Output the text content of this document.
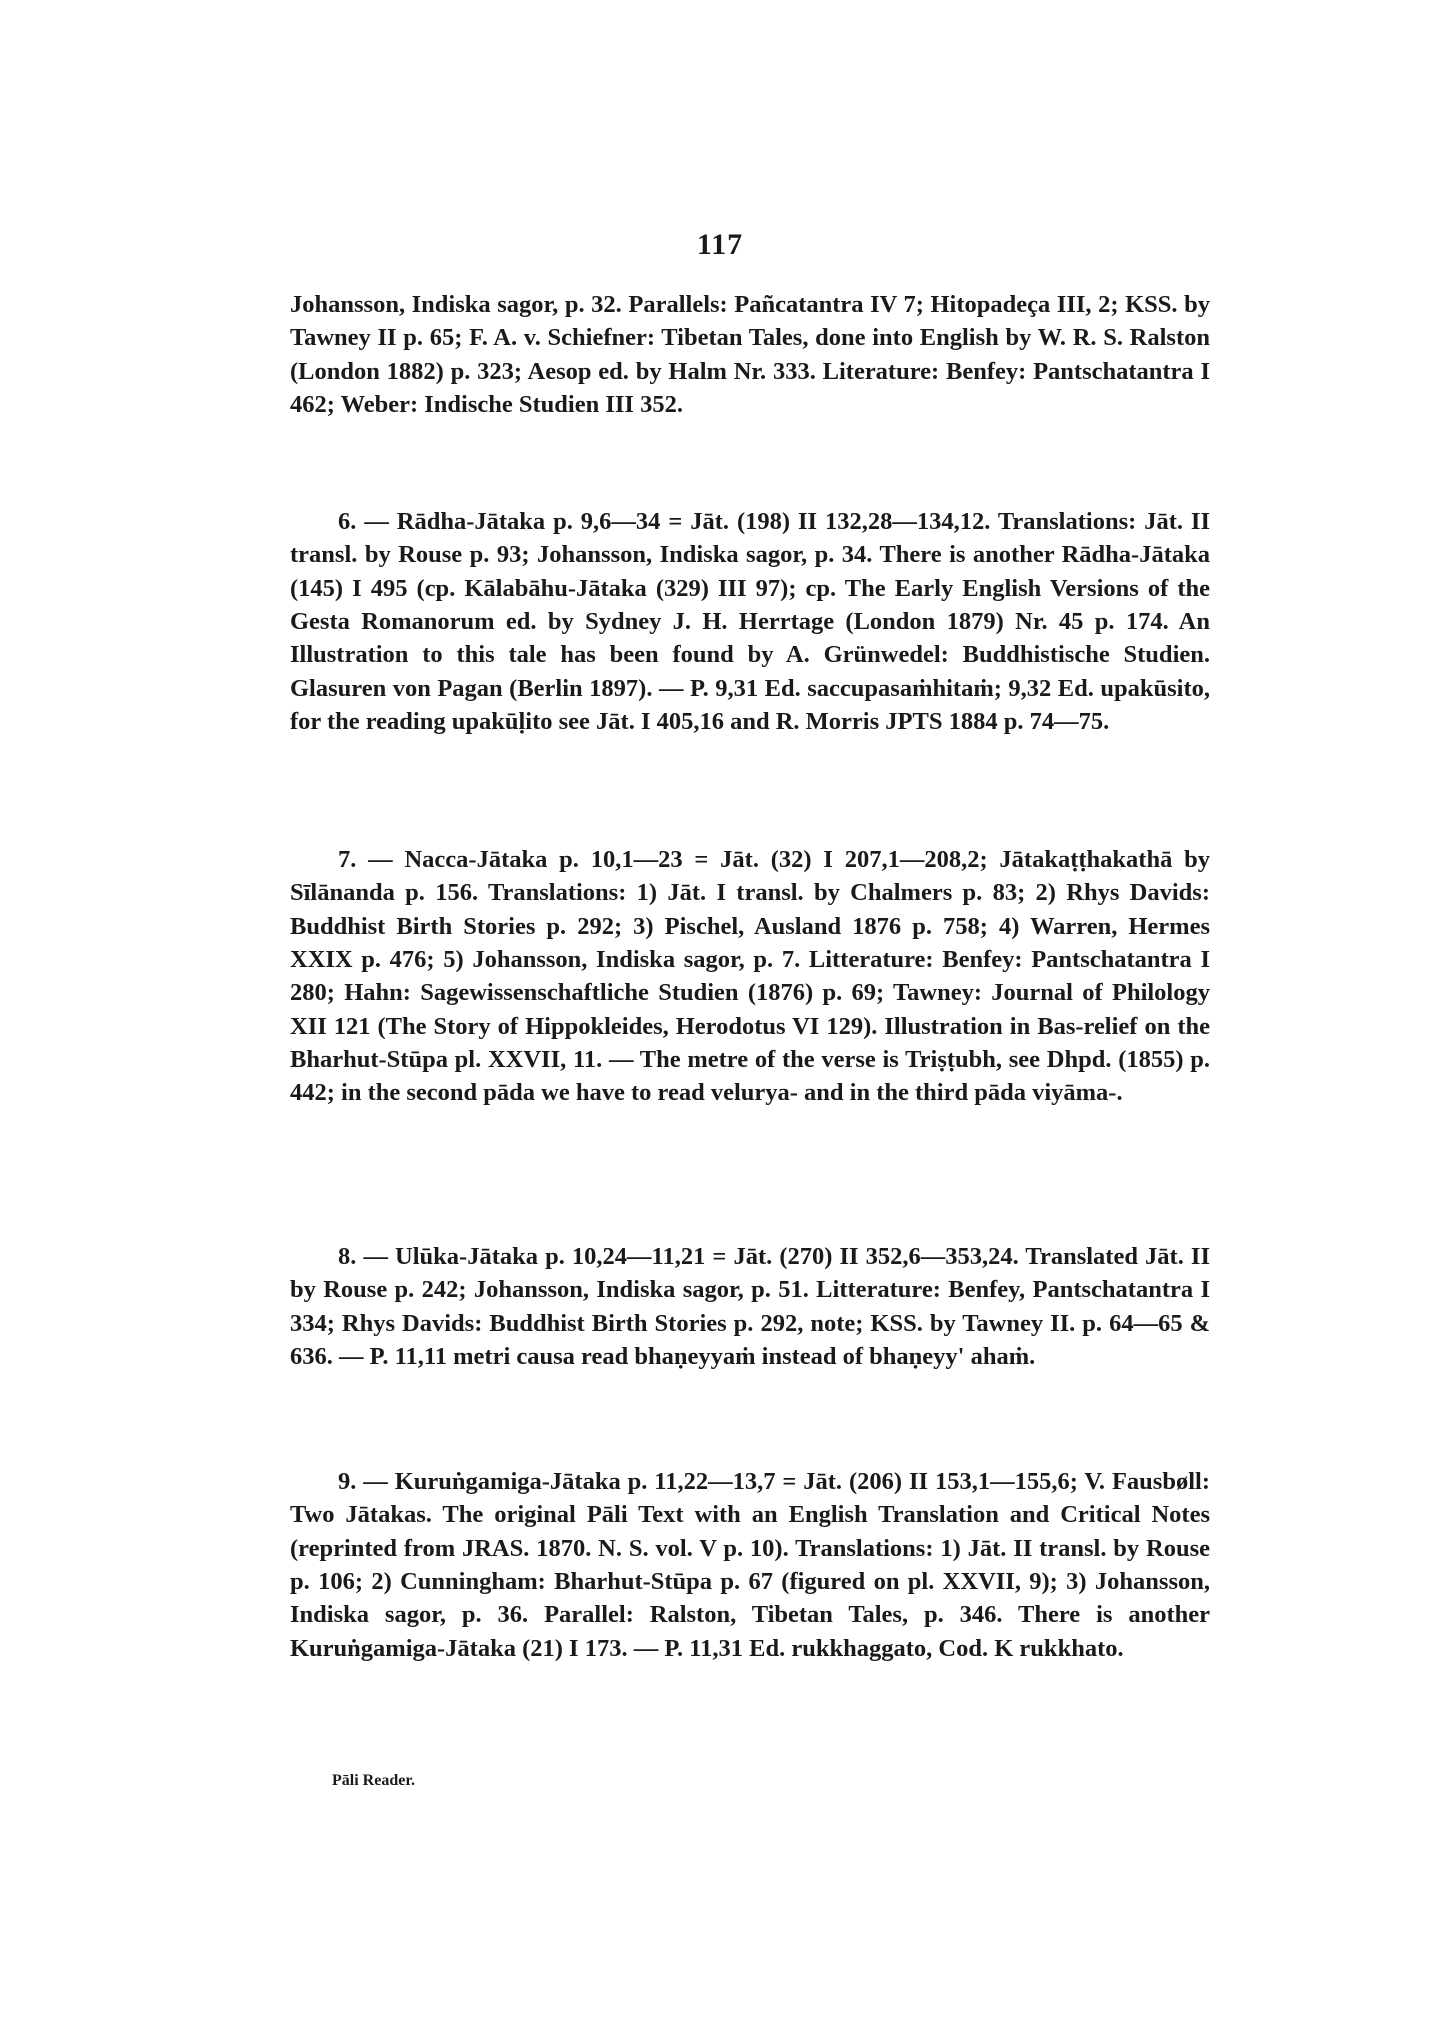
117

Johansson, Indiska sagor, p. 32. Parallels: Pañcatantra IV 7; Hitopadeça III, 2; KSS. by Tawney II p. 65; F. A. v. Schiefner: Tibetan Tales, done into English by W. R. S. Ralston (London 1882) p. 323; Aesop ed. by Halm Nr. 333. Literature: Benfey: Pantschatantra I 462; Weber: Indische Studien III 352.

6. — Rādha-Jātaka p. 9,6—34 = Jāt. (198) II 132,28—134,12. Translations: Jāt. II transl. by Rouse p. 93; Johansson, Indiska sagor, p. 34. There is another Rādha-Jātaka (145) I 495 (cp. Kālabāhu-Jātaka (329) III 97); cp. The Early English Versions of the Gesta Romanorum ed. by Sydney J. H. Herrtage (London 1879) Nr. 45 p. 174. An Illustration to this tale has been found by A. Grünwedel: Buddhistische Studien. Glasuren von Pagan (Berlin 1897). — P. 9,31 Ed. saccupasaṁhitaṁ; 9,32 Ed. upakūsito, for the reading upakūḷito see Jāt. I 405,16 and R. Morris JPTS 1884 p. 74—75.

7. — Nacca-Jātaka p. 10,1—23 = Jāt. (32) I 207,1—208,2; Jātakaṭṭhakathā by Sīlānanda p. 156. Translations: 1) Jāt. I transl. by Chalmers p. 83; 2) Rhys Davids: Buddhist Birth Stories p. 292; 3) Pischel, Ausland 1876 p. 758; 4) Warren, Hermes XXIX p. 476; 5) Johansson, Indiska sagor, p. 7. Litterature: Benfey: Pantschatantra I 280; Hahn: Sagewissenschaftliche Studien (1876) p. 69; Tawney: Journal of Philology XII 121 (The Story of Hippokleides, Herodotus VI 129). Illustration in Bas-relief on the Bharhut-Stūpa pl. XXVII, 11. — The metre of the verse is Triṣṭubh, see Dhpd. (1855) p. 442; in the second pāda we have to read velurya- and in the third pāda viyāma-.

8. — Ulūka-Jātaka p. 10,24—11,21 = Jāt. (270) II 352,6—353,24. Translated Jāt. II by Rouse p. 242; Johansson, Indiska sagor, p. 51. Litterature: Benfey, Pantschatantra I 334; Rhys Davids: Buddhist Birth Stories p. 292, note; KSS. by Tawney II. p. 64—65 & 636. — P. 11,11 metri causa read bhaṇeyyaṁ instead of bhaṇeyy' ahaṁ.

9. — Kuruṅgamiga-Jātaka p. 11,22—13,7 = Jāt. (206) II 153,1—155,6; V. Fausbøll: Two Jātakas. The original Pāli Text with an English Translation and Critical Notes (reprinted from JRAS. 1870. N. S. vol. V p. 10). Translations: 1) Jāt. II transl. by Rouse p. 106; 2) Cunningham: Bharhut-Stūpa p. 67 (figured on pl. XXVII, 9); 3) Johansson, Indiska sagor, p. 36. Parallel: Ralston, Tibetan Tales, p. 346. There is another Kuruṅgamiga-Jātaka (21) I 173. — P. 11,31 Ed. rukkhaggato, Cod. K rukkhato.

Pāli Reader.
